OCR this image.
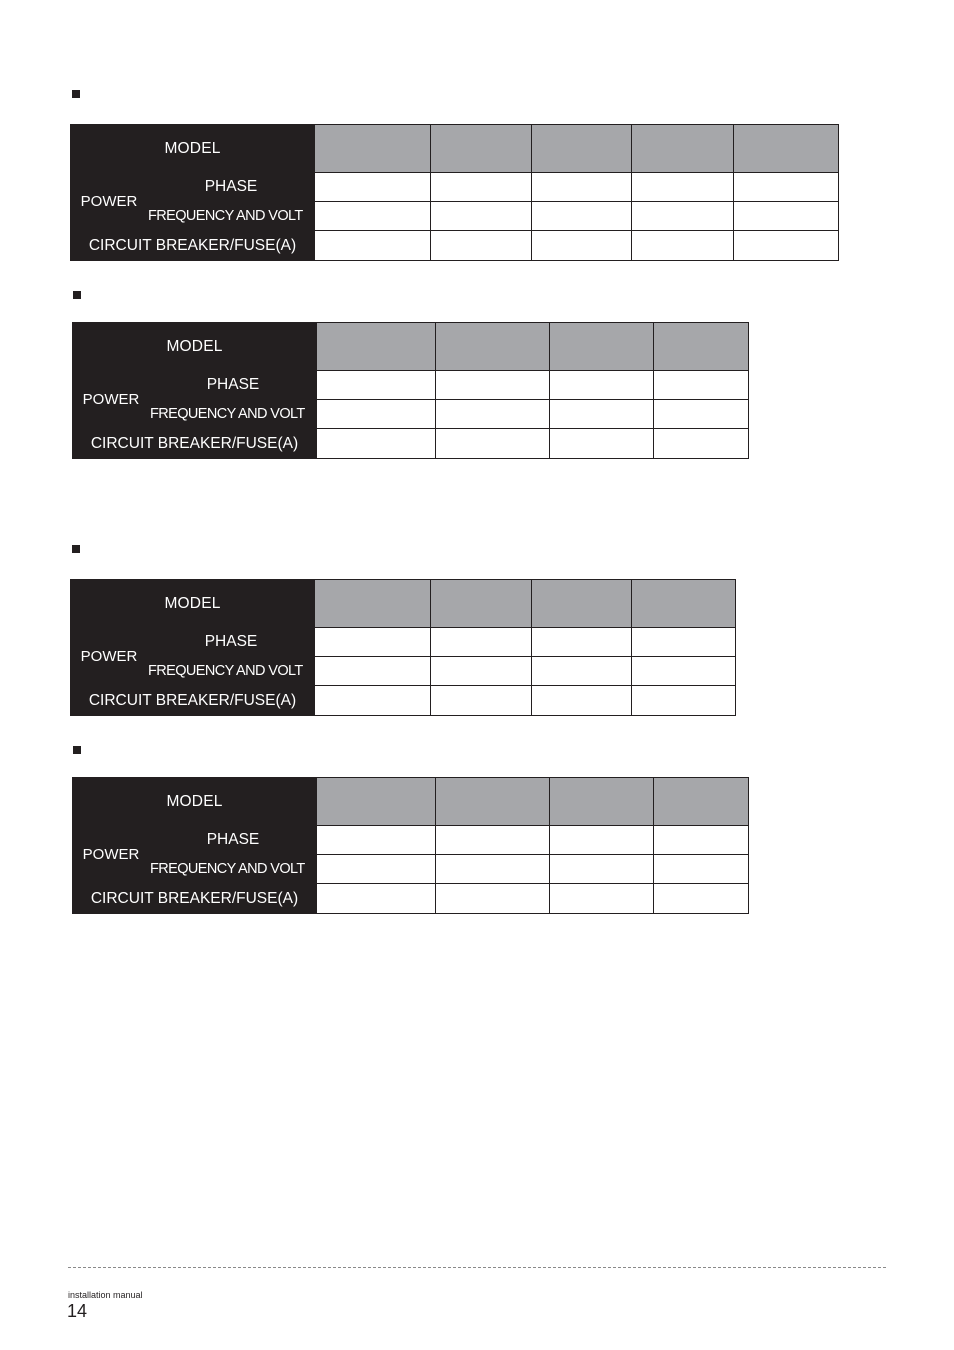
MODEL						
POWER	PHASE					
	FREQUENCY AND VOLT					
CIRCUIT BREAKER/FUSE(A)						
MODEL					
POWER	PHASE				
	FREQUENCY AND VOLT				
CIRCUIT BREAKER/FUSE(A)					
MODEL					
POWER	PHASE				
	FREQUENCY AND VOLT				
CIRCUIT BREAKER/FUSE(A)					
MODEL					
POWER	PHASE				
	FREQUENCY AND VOLT				
CIRCUIT BREAKER/FUSE(A)					
installation manual
14
